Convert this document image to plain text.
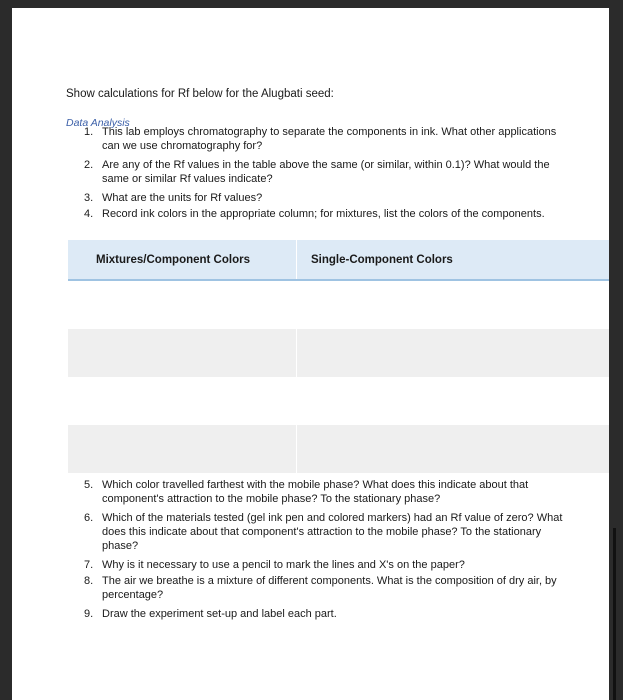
Show calculations for Rf below for the Alugbati seed:
Data Analysis
1. This lab employs chromatography to separate the components in ink. What other applications can we use chromatography for?
2. Are any of the Rf values in the table above the same (or similar, within 0.1)? What would the same or similar Rf values indicate?
3. What are the units for Rf values?
4. Record ink colors in the appropriate column; for mixtures, list the colors of the components.
Mixtures/Component Colors	Single-Component Colors
5. Which color travelled farthest with the mobile phase? What does this indicate about that component's attraction to the mobile phase? To the stationary phase?
6. Which of the materials tested (gel ink pen and colored markers) had an Rf value of zero? What does this indicate about that component's attraction to the mobile phase? To the stationary phase?
7. Why is it necessary to use a pencil to mark the lines and X's on the paper?
8. The air we breathe is a mixture of different components. What is the composition of dry air, by percentage?
9. Draw the experiment set-up and label each part.
